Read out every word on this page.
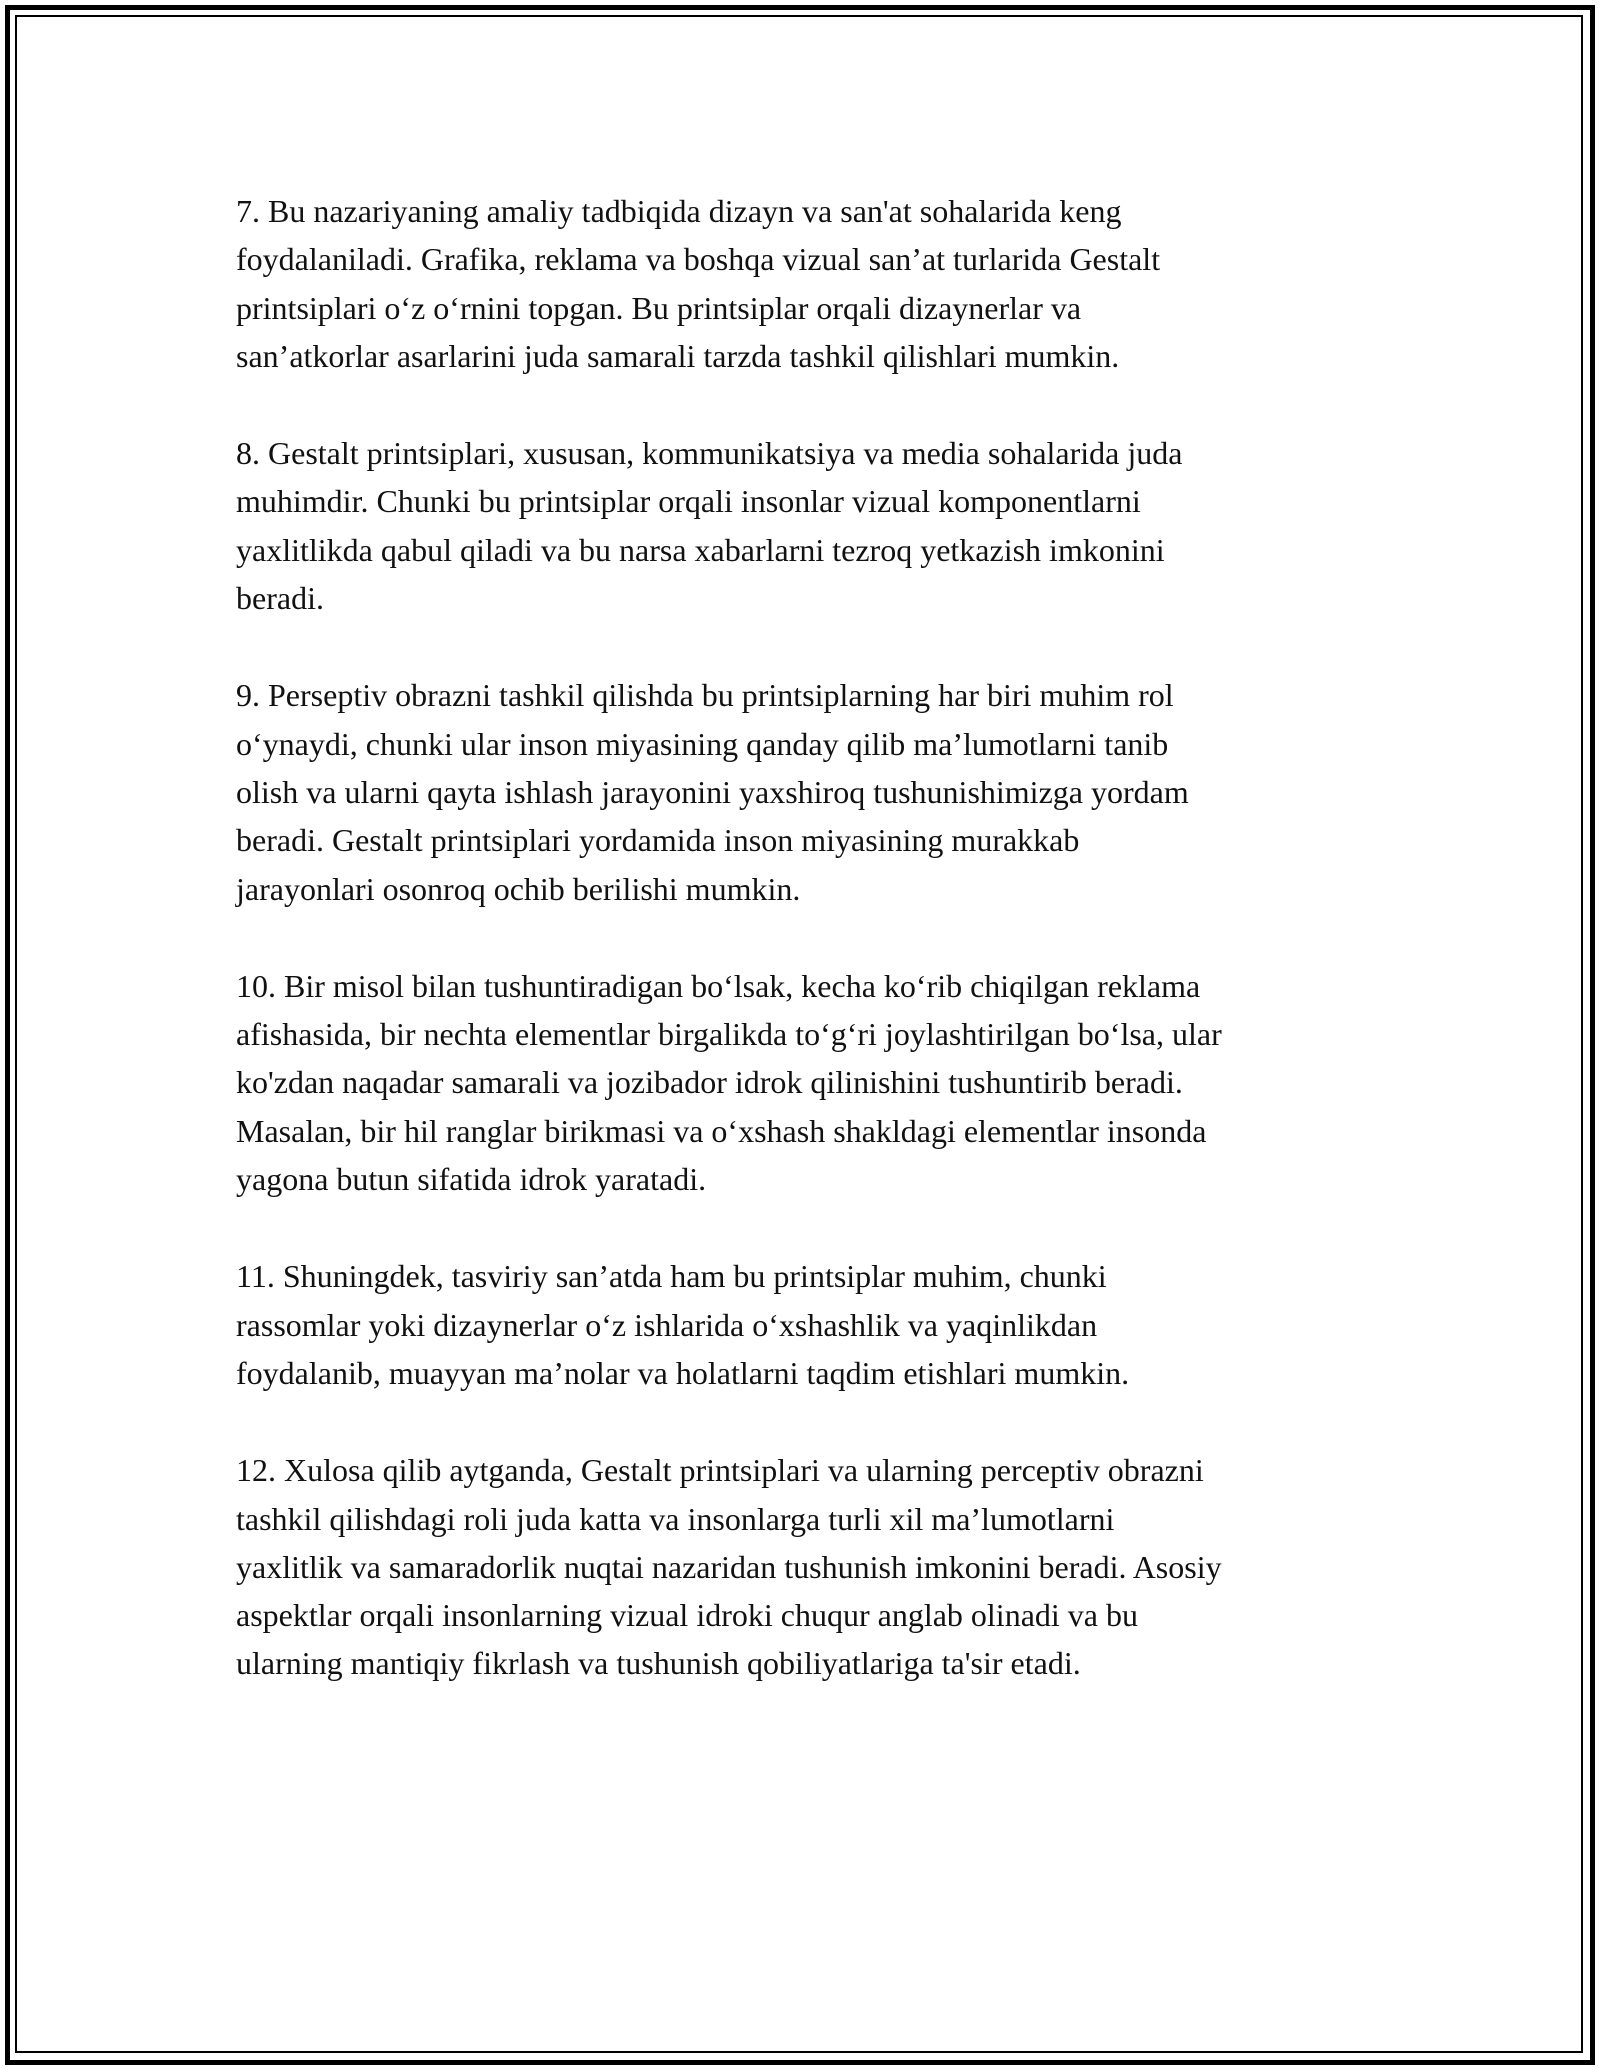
7. Bu nazariyaning amaliy tadbiqida dizayn va san'at sohalarida keng
foydalaniladi. Grafika, reklama va boshqa vizual san’at turlarida Gestalt
printsiplari o‘z o‘rnini topgan. Bu printsiplar orqali dizaynerlar va
san’atkorlar asarlarini juda samarali tarzda tashkil qilishlari mumkin.

8. Gestalt printsiplari, xususan, kommunikatsiya va media sohalarida juda
muhimdir. Chunki bu printsiplar orqali insonlar vizual komponentlarni
yaxlitlikda qabul qiladi va bu narsa xabarlarni tezroq yetkazish imkonini
beradi.

9. Perseptiv obrazni tashkil qilishda bu printsiplarning har biri muhim rol
o‘ynaydi, chunki ular inson miyasining qanday qilib ma’lumotlarni tanib
olish va ularni qayta ishlash jarayonini yaxshiroq tushunishimizga yordam
beradi. Gestalt printsiplari yordamida inson miyasining murakkab
jarayonlari osonroq ochib berilishi mumkin.

10. Bir misol bilan tushuntiradigan bo‘lsak, kecha ko‘rib chiqilgan reklama
afishasida, bir nechta elementlar birgalikda to‘g‘ri joylashtirilgan bo‘lsa, ular
ko'zdan naqadar samarali va jozibador idrok qilinishini tushuntirib beradi.
Masalan, bir hil ranglar birikmasi va o‘xshash shakldagi elementlar insonda
yagona butun sifatida idrok yaratadi.

11. Shuningdek, tasviriy san’atda ham bu printsiplar muhim, chunki
rassomlar yoki dizaynerlar o‘z ishlarida o‘xshashlik va yaqinlikdan
foydalanib, muayyan ma’nolar va holatlarni taqdim etishlari mumkin.

12. Xulosa qilib aytganda, Gestalt printsiplari va ularning perceptiv obrazni
tashkil qilishdagi roli juda katta va insonlarga turli xil ma’lumotlarni
yaxlitlik va samaradorlik nuqtai nazaridan tushunish imkonini beradi. Asosiy
aspektlar orqali insonlarning vizual idroki chuqur anglab olinadi va bu
ularning mantiqiy fikrlash va tushunish qobiliyatlariga ta'sir etadi.
